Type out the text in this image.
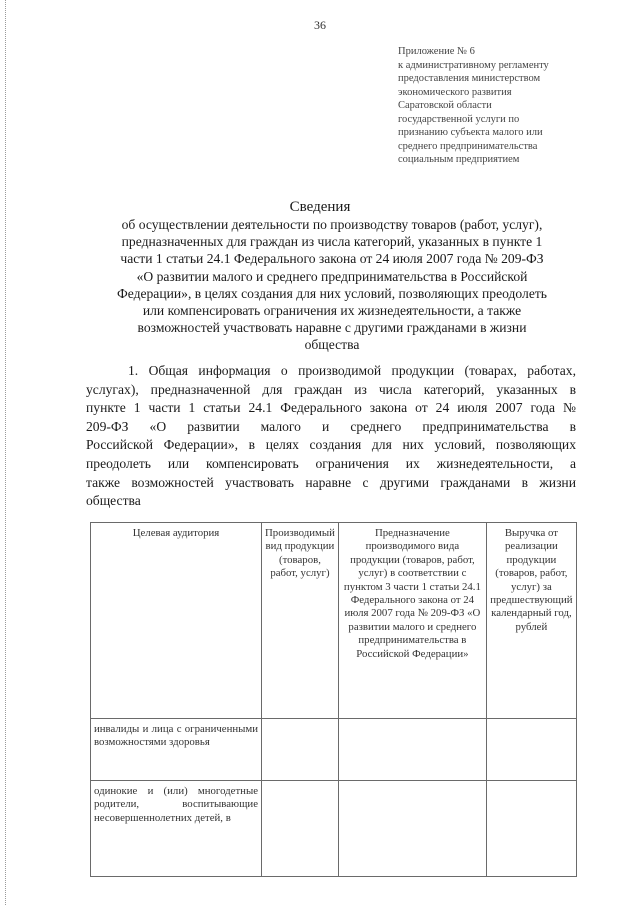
36
Приложение № 6
к административному регламенту
предоставления министерством
экономического развития
Саратовской области
государственной услуги по
признанию субъекта малого или
среднего предпринимательства
социальным предприятием
Сведения
об осуществлении деятельности по производству товаров (работ, услуг),
предназначенных для граждан из числа категорий, указанных в пункте 1
части 1 статьи 24.1 Федерального закона от 24 июля 2007 года № 209-ФЗ
«О развитии малого и среднего предпринимательства в Российской
Федерации», в целях создания для них условий, позволяющих преодолеть
или компенсировать ограничения их жизнедеятельности, а также
возможностей участвовать наравне с другими гражданами в жизни
общества
1. Общая информация о производимой продукции (товарах, работах,
услугах), предназначенной для граждан из числа категорий, указанных в
пункте 1 части 1 статьи 24.1 Федерального закона от 24 июля 2007 года №
209-ФЗ «О развитии малого и среднего предпринимательства в
Российской Федерации», в целях создания для них условий, позволяющих
преодолеть или компенсировать ограничения их жизнедеятельности, а
также возможностей участвовать наравне с другими гражданами в жизни
общества
Целевая аудитория	Производимый вид продукции (товаров, работ, услуг)	Предназначение производимого вида продукции (товаров, работ, услуг) в соответствии с пунктом 3 части 1 статьи 24.1 Федерального закона от 24 июля 2007 года № 209-ФЗ «О развитии малого и среднего предпринимательства в Российской Федерации»	Выручка от реализации продукции (товаров, работ, услуг) за предшествующий календарный год, рублей
инвалиды и лица с ограниченными возможностями здоровья			
одинокие и (или) многодетные родители, воспитывающие несовершеннолетних детей, в			
